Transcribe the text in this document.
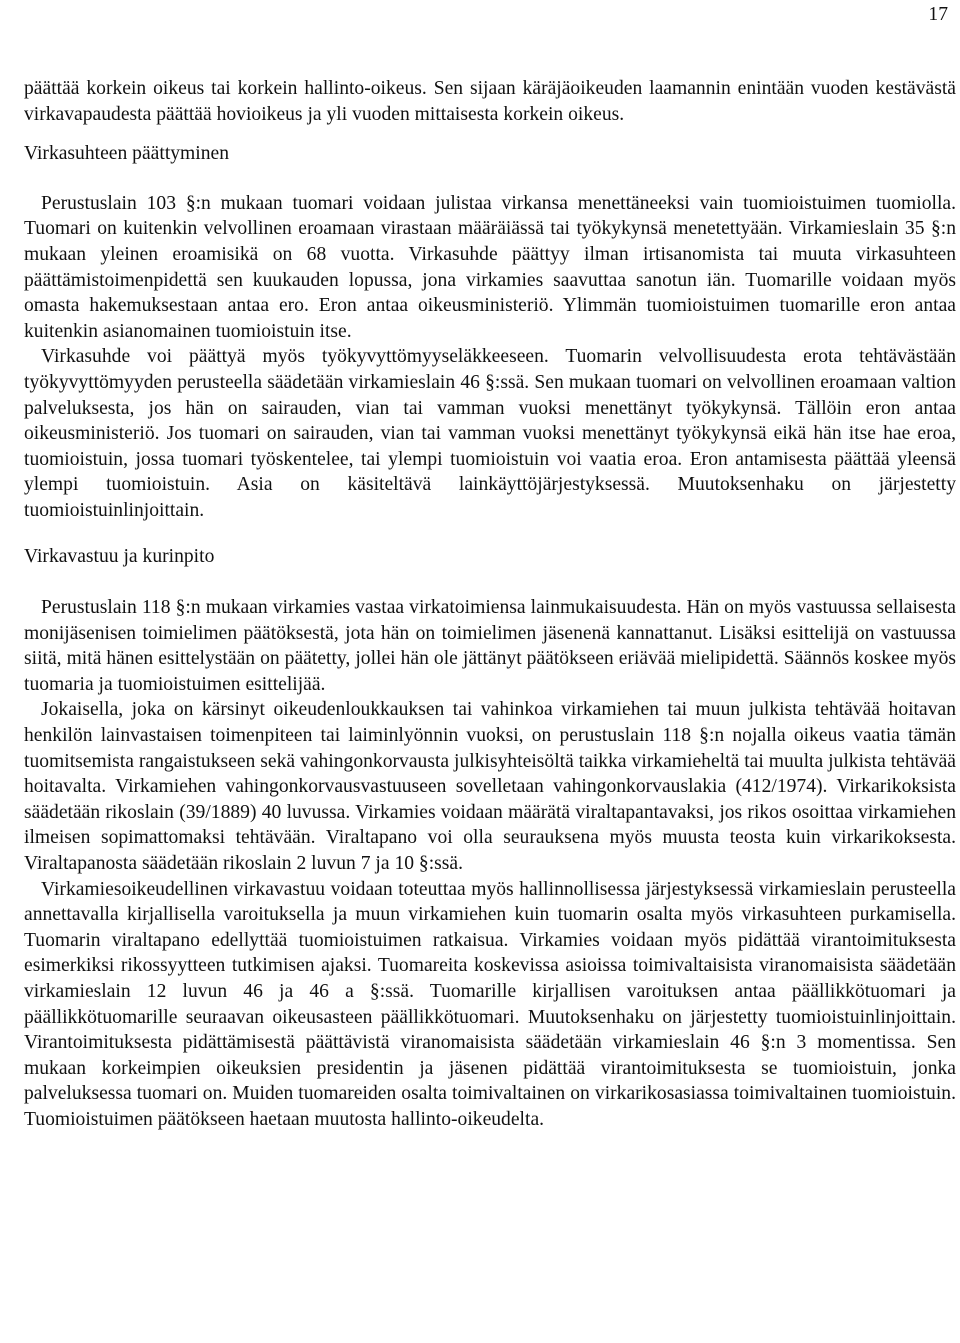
17

päättää korkein oikeus tai korkein hallinto-oikeus. Sen sijaan käräjäoikeuden laamannin enintään vuoden kestävästä virkavapaudesta päättää hovioikeus ja yli vuoden mittaisesta korkein oikeus.

Virkasuhteen päättyminen

Perustuslain 103 §:n mukaan tuomari voidaan julistaa virkansa menettäneeksi vain tuomioistuimen tuomiolla. Tuomari on kuitenkin velvollinen eroamaan virastaan määräiässä tai työkykynsä menetettyään. Virkamieslain 35 §:n mukaan yleinen eroamisikä on 68 vuotta. Virkasuhde päättyy ilman irtisanomista tai muuta virkasuhteen päättämistoimenpidettä sen kuukauden lopussa, jona virkamies saavuttaa sanotun iän. Tuomarille voidaan myös omasta hakemuksestaan antaa ero. Eron antaa oikeusministeriö. Ylimmän tuomioistuimen tuomarille eron antaa kuitenkin asianomainen tuomioistuin itse.

Virkasuhde voi päättyä myös työkyvyttömyyseläkkeeseen. Tuomarin velvollisuudesta erota tehtävästään työkyvyttömyyden perusteella säädetään virkamieslain 46 §:ssä. Sen mukaan tuomari on velvollinen eroamaan valtion palveluksesta, jos hän on sairauden, vian tai vamman vuoksi menettänyt työkykynsä. Tällöin eron antaa oikeusministeriö. Jos tuomari on sairauden, vian tai vamman vuoksi menettänyt työkykynsä eikä hän itse hae eroa, tuomioistuin, jossa tuomari työskentelee, tai ylempi tuomioistuin voi vaatia eroa. Eron antamisesta päättää yleensä ylempi tuomioistuin. Asia on käsiteltävä lainkäyttöjärjestyksessä. Muutoksenhaku on järjestetty tuomioistuinlinjoittain.

Virkavastuu ja kurinpito

Perustuslain 118 §:n mukaan virkamies vastaa virkatoimiensa lainmukaisuudesta. Hän on myös vastuussa sellaisesta monijäsenisen toimielimen päätöksestä, jota hän on toimielimen jäsenenä kannattanut. Lisäksi esittelijä on vastuussa siitä, mitä hänen esittelystään on päätetty, jollei hän ole jättänyt päätökseen eriävää mielipidettä. Säännös koskee myös tuomaria ja tuomioistuimen esittelijää.

Jokaisella, joka on kärsinyt oikeudenloukkauksen tai vahinkoa virkamiehen tai muun julkista tehtävää hoitavan henkilön lainvastaisen toimenpiteen tai laiminlyönnin vuoksi, on perustuslain 118 §:n nojalla oikeus vaatia tämän tuomitsemista rangaistukseen sekä vahingonkorvausta julkisyhteisöltä taikka virkamieheltä tai muulta julkista tehtävää hoitavalta. Virkamiehen vahingonkorvausvastuuseen sovelletaan vahingonkorvauslakia (412/1974). Virkarikoksista säädetään rikoslain (39/1889) 40 luvussa. Virkamies voidaan määrätä viraltapantavaksi, jos rikos osoittaa virkamiehen ilmeisen sopimattomaksi tehtävään. Viraltapano voi olla seurauksena myös muusta teosta kuin virkarikoksesta. Viraltapanosta säädetään rikoslain 2 luvun 7 ja 10 §:ssä.

Virkamiesoikeudellinen virkavastuu voidaan toteuttaa myös hallinnollisessa järjestyksessä virkamieslain perusteella annettavalla kirjallisella varoituksella ja muun virkamiehen kuin tuomarin osalta myös virkasuhteen purkamisella. Tuomarin viraltapano edellyttää tuomioistuimen ratkaisua. Virkamies voidaan myös pidättää virantoimituksesta esimerkiksi rikossyytteen tutkimisen ajaksi. Tuomareita koskevissa asioissa toimivaltaisista viranomaisista säädetään virkamieslain 12 luvun 46 ja 46 a §:ssä. Tuomarille kirjallisen varoituksen antaa päällikkötuomari ja päällikkötuomarille seuraavan oikeusasteen päällikkötuomari. Muutoksenhaku on järjestetty tuomioistuinlinjoittain. Virantoimituksesta pidättämisestä päättävistä viranomaisista säädetään virkamieslain 46 §:n 3 momentissa. Sen mukaan korkeimpien oikeuksien presidentin ja jäsenen pidättää virantoimituksesta se tuomioistuin, jonka palveluksessa tuomari on. Muiden tuomareiden osalta toimivaltainen on virkarikosasiassa toimivaltainen tuomioistuin. Tuomioistuimen päätökseen haetaan muutosta hallinto-oikeudelta.
